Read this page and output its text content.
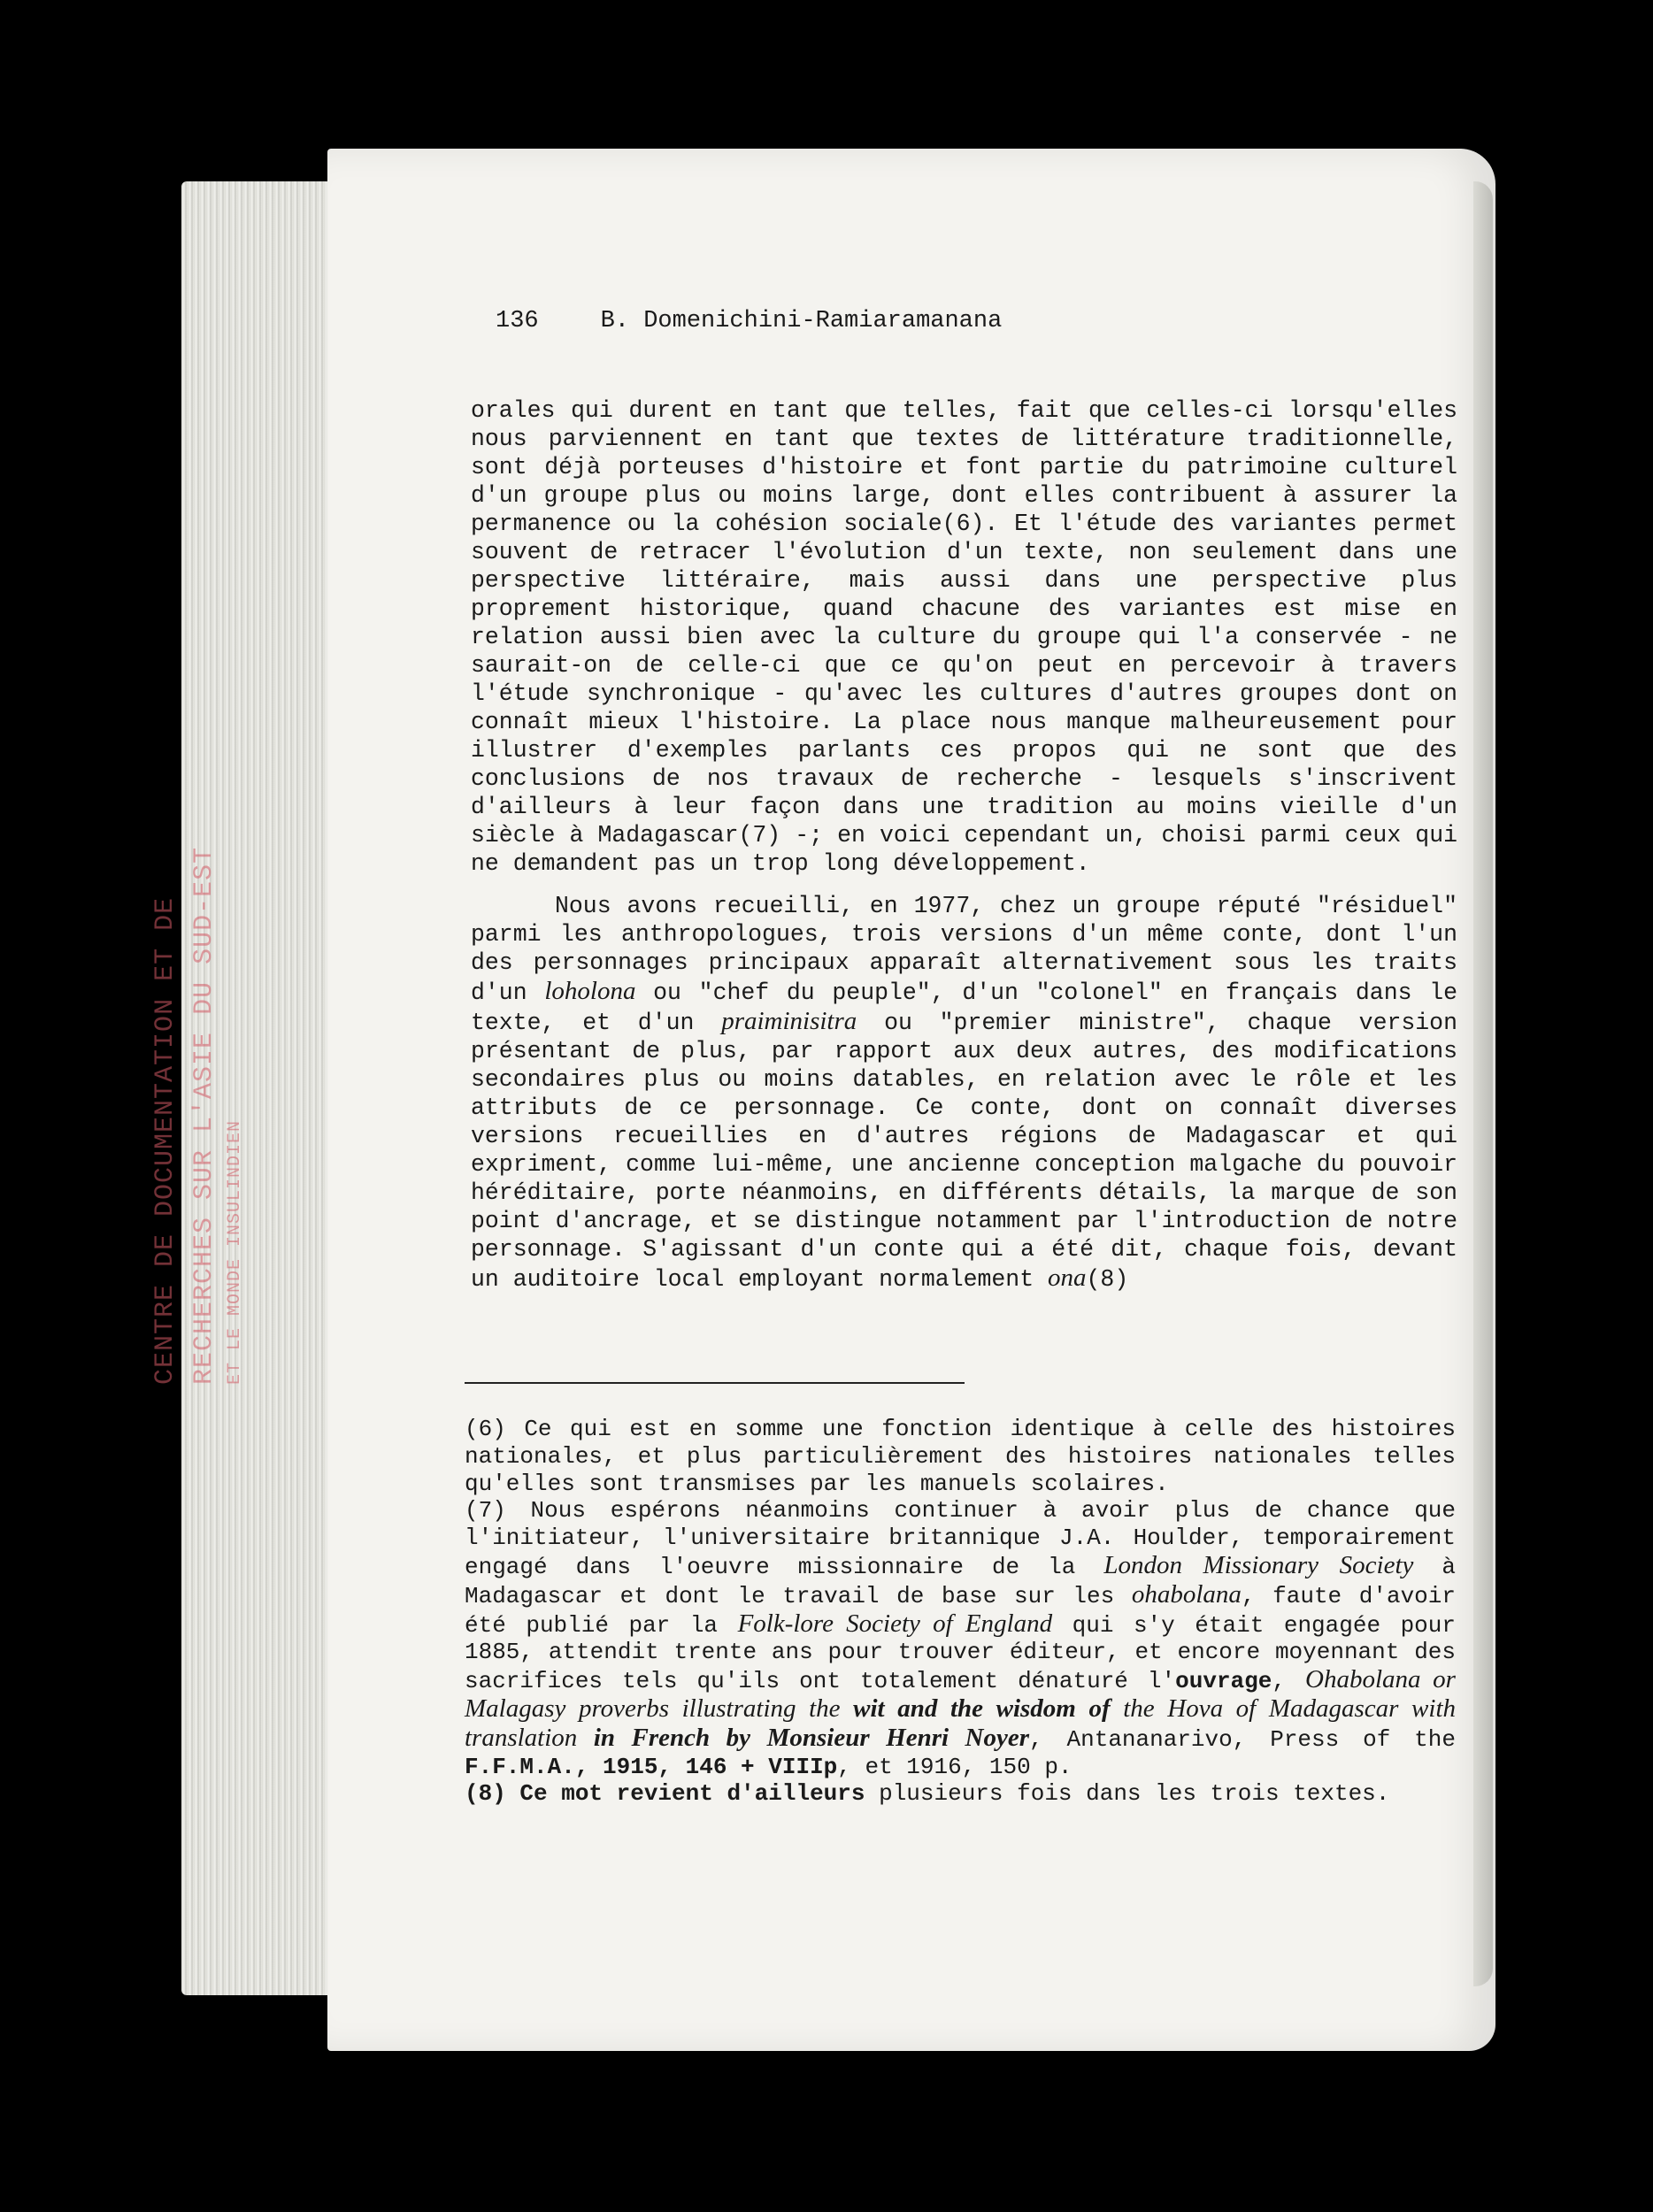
CENTRE DE DOCUMENTATION ET DE RECHERCHES SUR L'ASIE DU SUD-EST ET LE MONDE INSULINDIEN
136	B. Domenichini-Ramiaramanana

orales qui durent en tant que telles, fait que celles-ci lorsqu'elles nous parviennent en tant que textes de littérature traditionnelle, sont déjà porteuses d'histoire et font partie du patrimoine culturel d'un groupe plus ou moins large, dont elles contribuent à assurer la permanence ou la cohésion sociale(6). Et l'étude des variantes permet souvent de retracer l'évolution d'un texte, non seulement dans une perspective littéraire, mais aussi dans une perspective plus proprement historique, quand chacune des variantes est mise en relation aussi bien avec la culture du groupe qui l'a conservée - ne saurait-on de celle-ci que ce qu'on peut en percevoir à travers l'étude synchronique - qu'avec les cultures d'autres groupes dont on connaît mieux l'histoire. La place nous manque malheureusement pour illustrer d'exemples parlants ces propos qui ne sont que des conclusions de nos travaux de recherche - lesquels s'inscrivent d'ailleurs à leur façon dans une tradition au moins vieille d'un siècle à Madagascar(7) -; en voici cependant un, choisi parmi ceux qui ne demandent pas un trop long développement.

Nous avons recueilli, en 1977, chez un groupe réputé "résiduel" parmi les anthropologues, trois versions d'un même conte, dont l'un des personnages principaux apparaît alternativement sous les traits d'un loholona ou "chef du peuple", d'un "colonel" en français dans le texte, et d'un praiminisitra ou "premier ministre", chaque version présentant de plus, par rapport aux deux autres, des modifications secondaires plus ou moins datables, en relation avec le rôle et les attributs de ce personnage. Ce conte, dont on connaît diverses versions recueillies en d'autres régions de Madagascar et qui expriment, comme lui-même, une ancienne conception malgache du pouvoir héréditaire, porte néanmoins, en différents détails, la marque de son point d'ancrage, et se distingue notamment par l'introduction de notre personnage. S'agissant d'un conte qui a été dit, chaque fois, devant un auditoire local employant normalement ona(8)

(6) Ce qui est en somme une fonction identique à celle des histoires nationales, et plus particulièrement des histoires nationales telles qu'elles sont transmises par les manuels scolaires.

(7) Nous espérons néanmoins continuer à avoir plus de chance que l'initiateur, l'universitaire britannique J.A. Houlder, temporairement engagé dans l'oeuvre missionnaire de la London Missionary Society à Madagascar et dont le travail de base sur les ohabolana, faute d'avoir été publié par la Folk-lore Society of England qui s'y était engagée pour 1885, attendit trente ans pour trouver éditeur, et encore moyennant des sacrifices tels qu'ils ont totalement dénaturé l'ouvrage, Ohabolana or Malagasy proverbs illustrating the wit and the wisdom of the Hova of Madagascar with translation in French by Monsieur Henri Noyer, Antananarivo, Press of the F.F.M.A., 1915, 146 + VIIIp, et 1916, 150 p.

(8) Ce mot revient d'ailleurs plusieurs fois dans les trois textes.
